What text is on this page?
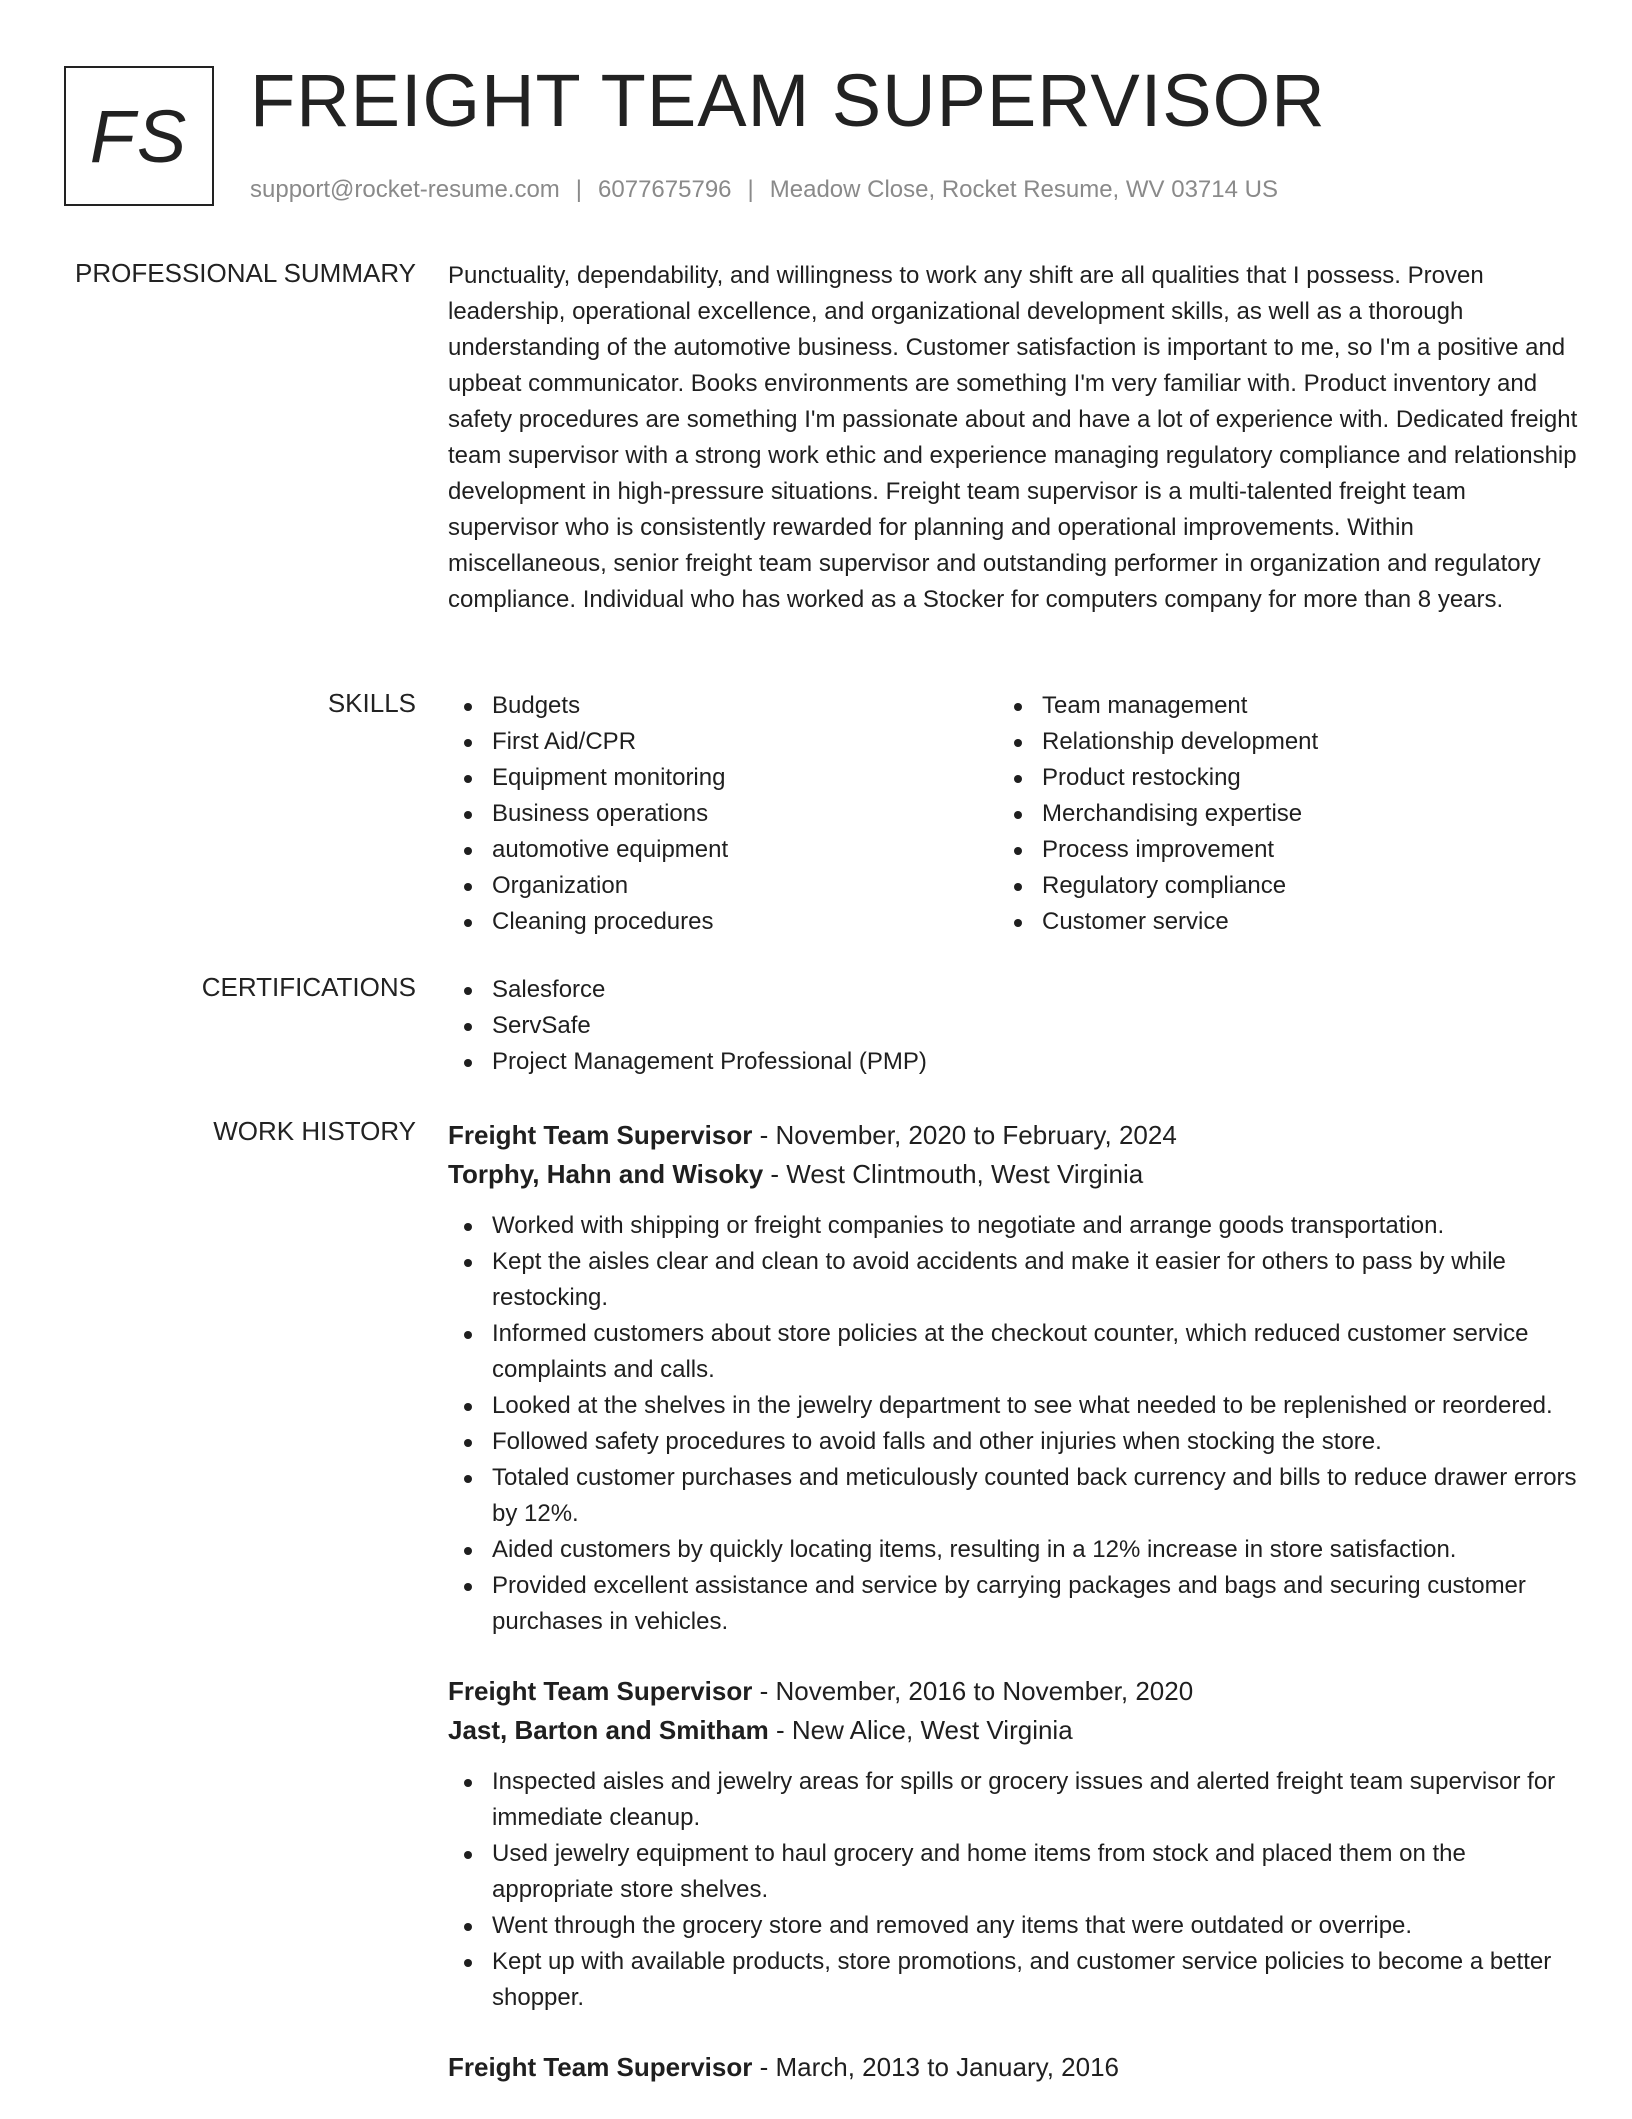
FS FREIGHT TEAM SUPERVISOR
support@rocket-resume.com | 6077675796 | Meadow Close, Rocket Resume, WV 03714 US
PROFESSIONAL SUMMARY Punctuality, dependability, and willingness to work any shift are all qualities that I possess. Proven leadership, operational excellence, and organizational development skills, as well as a thorough understanding of the automotive business. Customer satisfaction is important to me, so I'm a positive and upbeat communicator. Books environments are something I'm very familiar with. Product inventory and safety procedures are something I'm passionate about and have a lot of experience with. Dedicated freight team supervisor with a strong work ethic and experience managing regulatory compliance and relationship development in high-pressure situations. Freight team supervisor is a multi-talented freight team supervisor who is consistently rewarded for planning and operational improvements. Within miscellaneous, senior freight team supervisor and outstanding performer in organization and regulatory compliance. Individual who has worked as a Stocker for computers company for more than 8 years.

SKILLS	Budgets
First Aid/CPR
Equipment monitoring
Business operations
automotive equipment
Organization
Cleaning procedures
Team management
Relationship development
Product restocking
Merchandising expertise
Process improvement
Regulatory compliance
Customer service
CERTIFICATIONS	Salesforce
ServSafe
Project Management Professional (PMP)
WORK HISTORY Freight Team Supervisor - November, 2020 to February, 2024
Torphy, Hahn and Wisoky - West Clintmouth, West Virginia
Worked with shipping or freight companies to negotiate and arrange goods transportation.
Kept the aisles clear and clean to avoid accidents and make it easier for others to pass by while restocking.
Informed customers about store policies at the checkout counter, which reduced customer service complaints and calls.
Looked at the shelves in the jewelry department to see what needed to be replenished or reordered.
Followed safety procedures to avoid falls and other injuries when stocking the store.
Totaled customer purchases and meticulously counted back currency and bills to reduce drawer errors by 12%.
Aided customers by quickly locating items, resulting in a 12% increase in store satisfaction.
Provided excellent assistance and service by carrying packages and bags and securing customer purchases in vehicles.
Freight Team Supervisor - November, 2016 to November, 2020
Jast, Barton and Smitham - New Alice, West Virginia
Inspected aisles and jewelry areas for spills or grocery issues and alerted freight team supervisor for immediate cleanup.
Used jewelry equipment to haul grocery and home items from stock and placed them on the appropriate store shelves.
Went through the grocery store and removed any items that were outdated or overripe.
Kept up with available products, store promotions, and customer service policies to become a better shopper.
Freight Team Supervisor - March, 2013 to January, 2016
